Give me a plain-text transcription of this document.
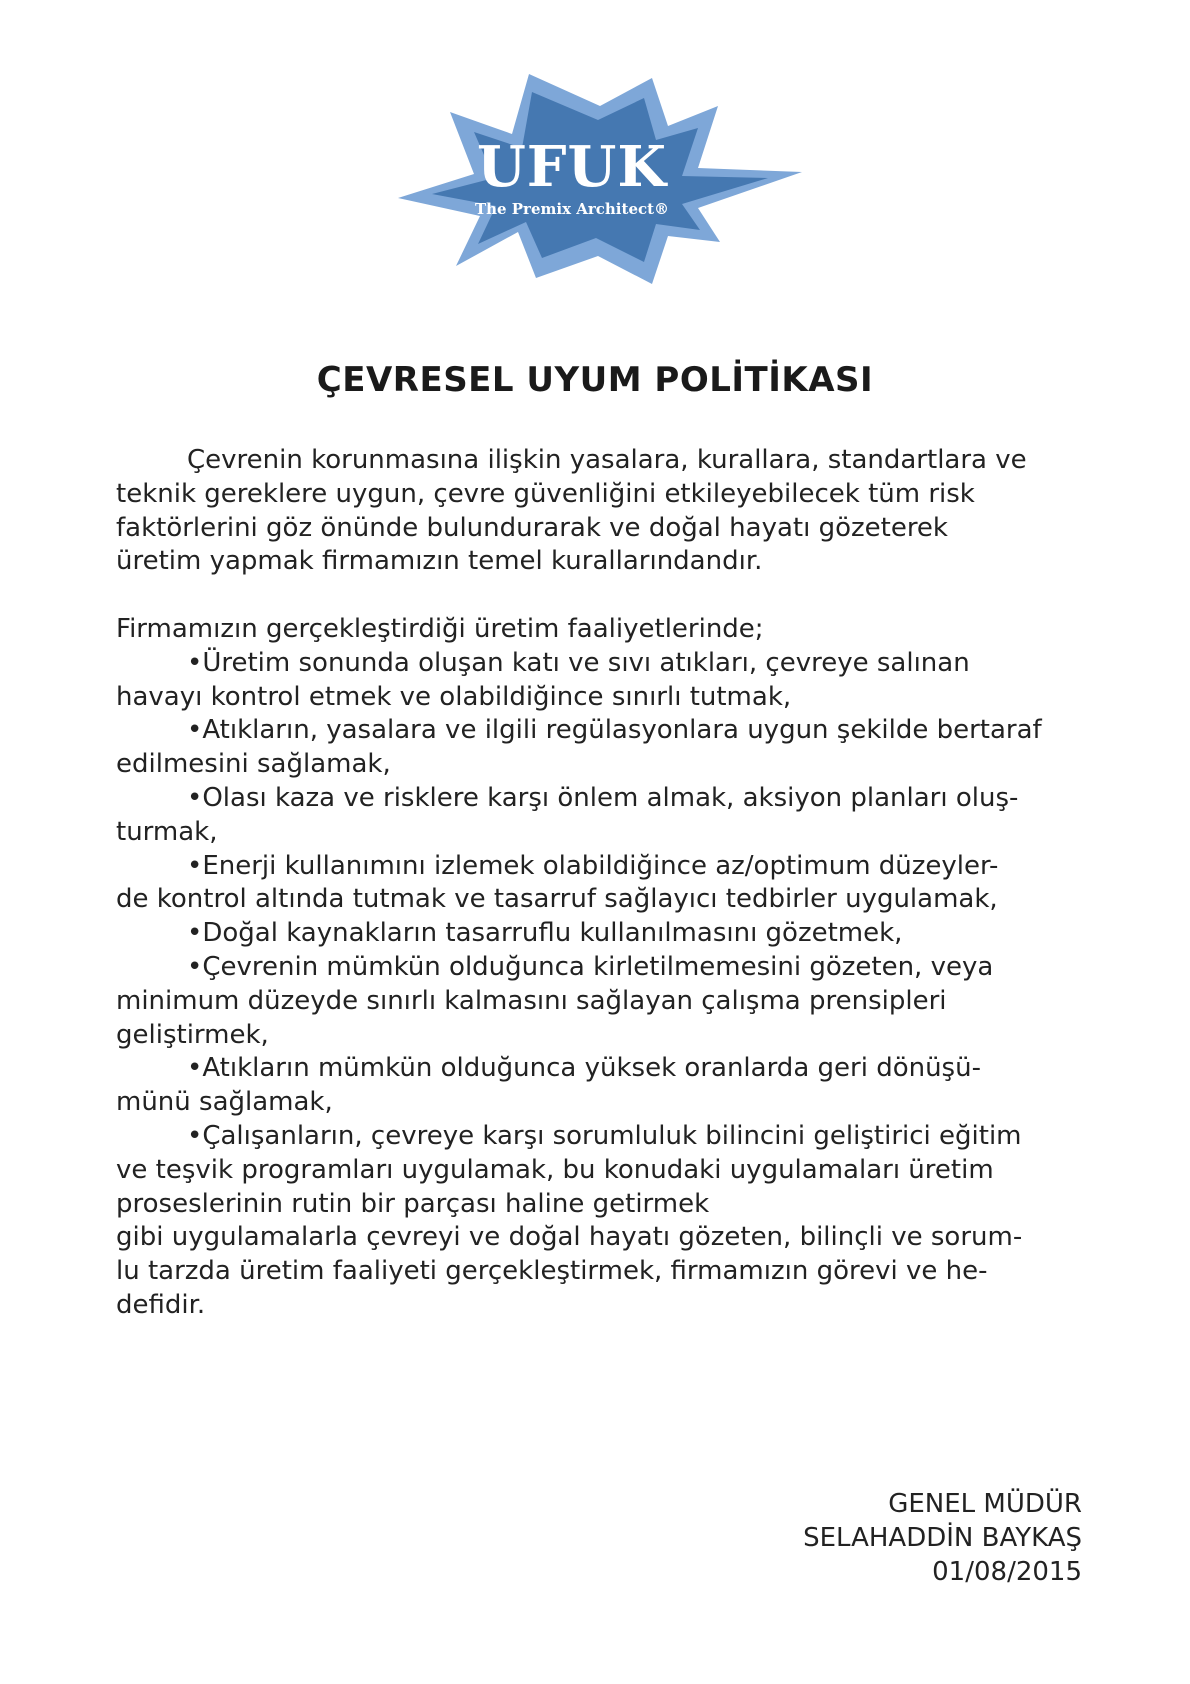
UFUK
The Premix Architect®
ÇEVRESEL UYUM POLİTİKASI
Çevrenin korunmasına ilişkin yasalara, kurallara, standartlara ve
teknik gereklere uygun, çevre güvenliğini etkileyebilecek tüm risk
faktörlerini göz önünde bulundurarak ve doğal hayatı gözeterek
üretim yapmak firmamızın temel kurallarındandır.
Firmamızın gerçekleştirdiği üretim faaliyetlerinde;
•Üretim sonunda oluşan katı ve sıvı atıkları, çevreye salınan
havayı kontrol etmek ve olabildiğince sınırlı tutmak,
•Atıkların, yasalara ve ilgili regülasyonlara uygun şekilde bertaraf
edilmesini sağlamak,
•Olası kaza ve risklere karşı önlem almak, aksiyon planları oluş-
turmak,
•Enerji kullanımını izlemek olabildiğince az/optimum düzeyler-
de kontrol altında tutmak ve tasarruf sağlayıcı tedbirler uygulamak,
•Doğal kaynakların tasarruflu kullanılmasını gözetmek,
•Çevrenin mümkün olduğunca kirletilmemesini gözeten, veya
minimum düzeyde sınırlı kalmasını sağlayan çalışma prensipleri
geliştirmek,
•Atıkların mümkün olduğunca yüksek oranlarda geri dönüşü-
münü sağlamak,
•Çalışanların, çevreye karşı sorumluluk bilincini geliştirici eğitim
ve teşvik programları uygulamak, bu konudaki uygulamaları üretim
proseslerinin rutin bir parçası haline getirmek
gibi uygulamalarla çevreyi ve doğal hayatı gözeten, bilinçli ve sorum-
lu tarzda üretim faaliyeti gerçekleştirmek, firmamızın görevi ve he-
defidir.
GENEL MÜDÜR
SELAHADDİN BAYKAŞ
01/08/2015
